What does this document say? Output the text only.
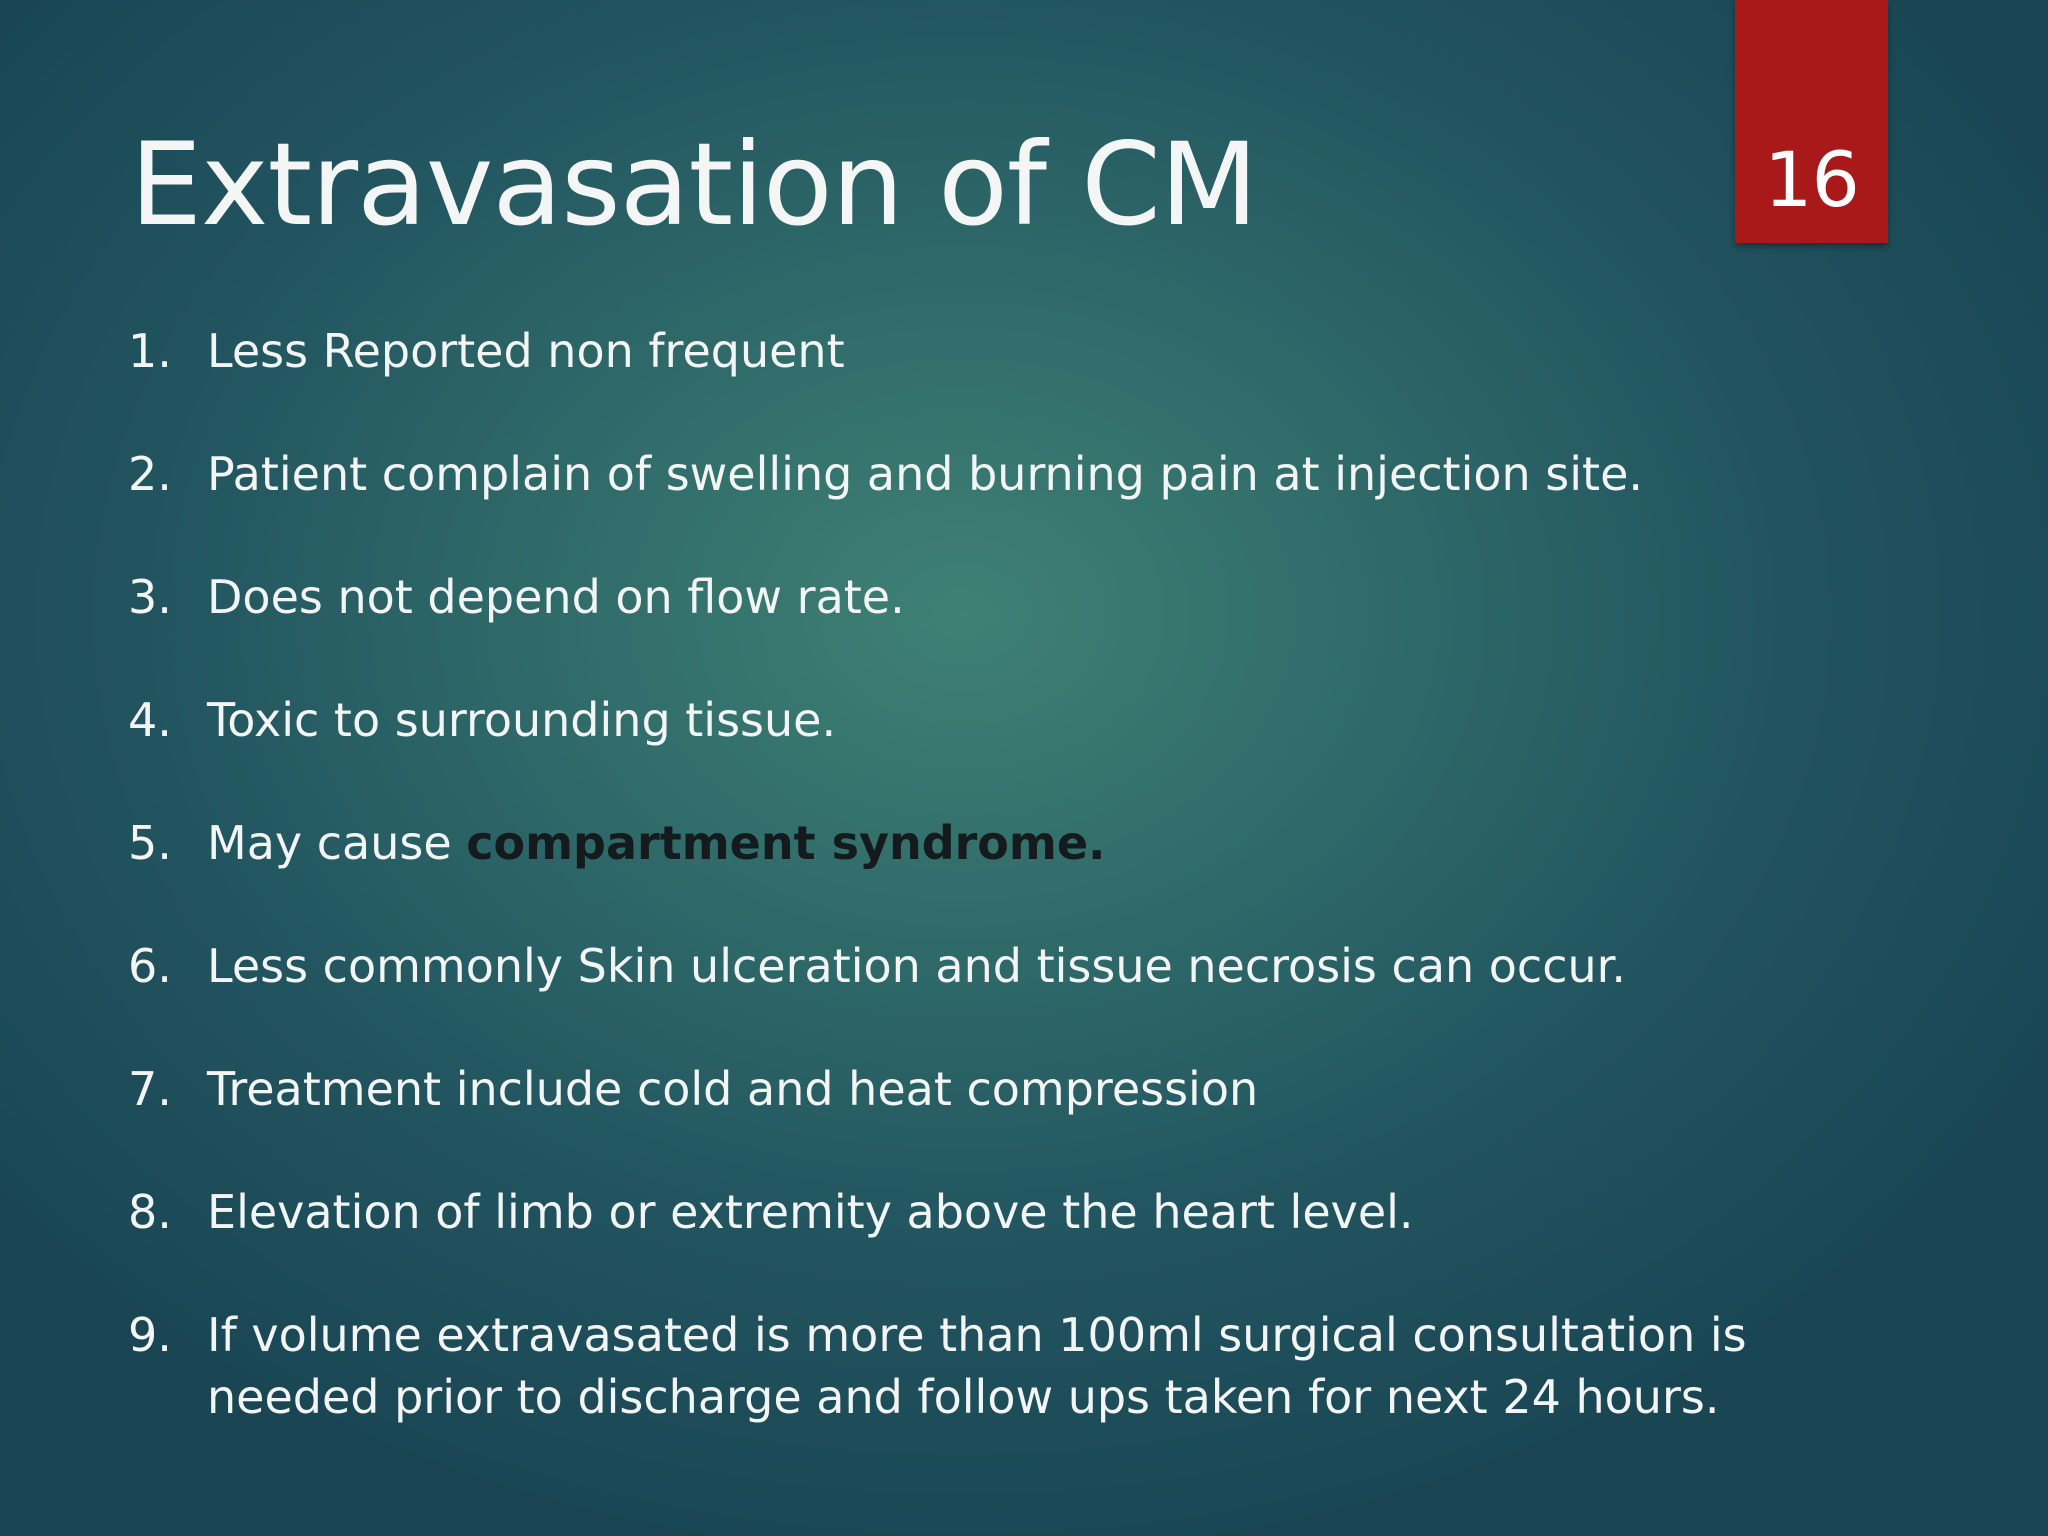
16
Extravasation of CM
1. Less Reported non frequent
2. Patient complain of swelling and burning pain at injection site.
3. Does not depend on flow rate.
4. Toxic to surrounding tissue.
5. May cause compartment syndrome.
6. Less commonly Skin ulceration and tissue necrosis can occur.
7. Treatment include cold and heat compression
8. Elevation of limb or extremity above the heart level.
9. If volume extravasated is more than 100ml surgical consultation is needed prior to discharge and follow ups taken for next 24 hours.
